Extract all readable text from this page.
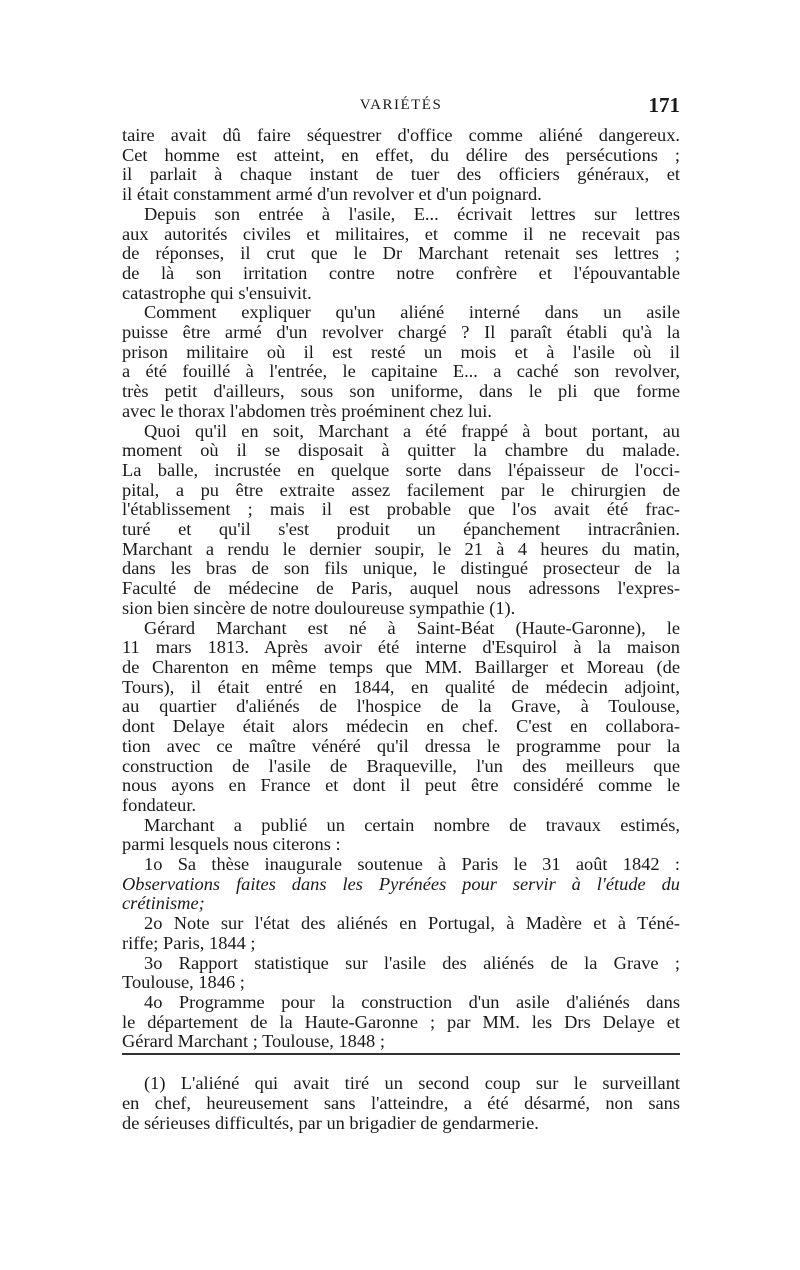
VARIÉTÉS	171
taire avait dû faire séquestrer d'office comme aliéné dangereux.
Cet homme est atteint, en effet, du délire des persécutions ;
il parlait à chaque instant de tuer des officiers généraux, et
il était constamment armé d'un revolver et d'un poignard.
Depuis son entrée à l'asile, E... écrivait lettres sur lettres
aux autorités civiles et militaires, et comme il ne recevait pas
de réponses, il crut que le Dr Marchant retenait ses lettres ;
de là son irritation contre notre confrère et l'épouvantable
catastrophe qui s'ensuivit.
Comment expliquer qu'un aliéné interné dans un asile
puisse être armé d'un revolver chargé ? Il paraît établi qu'à la
prison militaire où il est resté un mois et à l'asile où il
a été fouillé à l'entrée, le capitaine E... a caché son revolver,
très petit d'ailleurs, sous son uniforme, dans le pli que forme
avec le thorax l'abdomen très proéminent chez lui.
Quoi qu'il en soit, Marchant a été frappé à bout portant, au
moment où il se disposait à quitter la chambre du malade.
La balle, incrustée en quelque sorte dans l'épaisseur de l'occi-
pital, a pu être extraite assez facilement par le chirurgien de
l'établissement ; mais il est probable que l'os avait été frac-
turé et qu'il s'est produit un épanchement intracrânien.
Marchant a rendu le dernier soupir, le 21 à 4 heures du matin,
dans les bras de son fils unique, le distingué prosecteur de la
Faculté de médecine de Paris, auquel nous adressons l'expres-
sion bien sincère de notre douloureuse sympathie (1).
Gérard Marchant est né à Saint-Béat (Haute-Garonne), le
11 mars 1813. Après avoir été interne d'Esquirol à la maison
de Charenton en même temps que MM. Baillarger et Moreau (de
Tours), il était entré en 1844, en qualité de médecin adjoint,
au quartier d'aliénés de l'hospice de la Grave, à Toulouse,
dont Delaye était alors médecin en chef. C'est en collabora-
tion avec ce maître vénéré qu'il dressa le programme pour la
construction de l'asile de Braqueville, l'un des meilleurs que
nous ayons en France et dont il peut être considéré comme le
fondateur.
Marchant a publié un certain nombre de travaux estimés,
parmi lesquels nous citerons :
1o Sa thèse inaugurale soutenue à Paris le 31 août 1842 :
Observations faites dans les Pyrénées pour servir à l'étude du
crétinisme;
2o Note sur l'état des aliénés en Portugal, à Madère et à Téné-
riffe; Paris, 1844 ;
3o Rapport statistique sur l'asile des aliénés de la Grave ;
Toulouse, 1846 ;
4o Programme pour la construction d'un asile d'aliénés dans
le département de la Haute-Garonne ; par MM. les Drs Delaye et
Gérard Marchant ; Toulouse, 1848 ;
(1) L'aliéné qui avait tiré un second coup sur le surveillant
en chef, heureusement sans l'atteindre, a été désarmé, non sans
de sérieuses difficultés, par un brigadier de gendarmerie.
